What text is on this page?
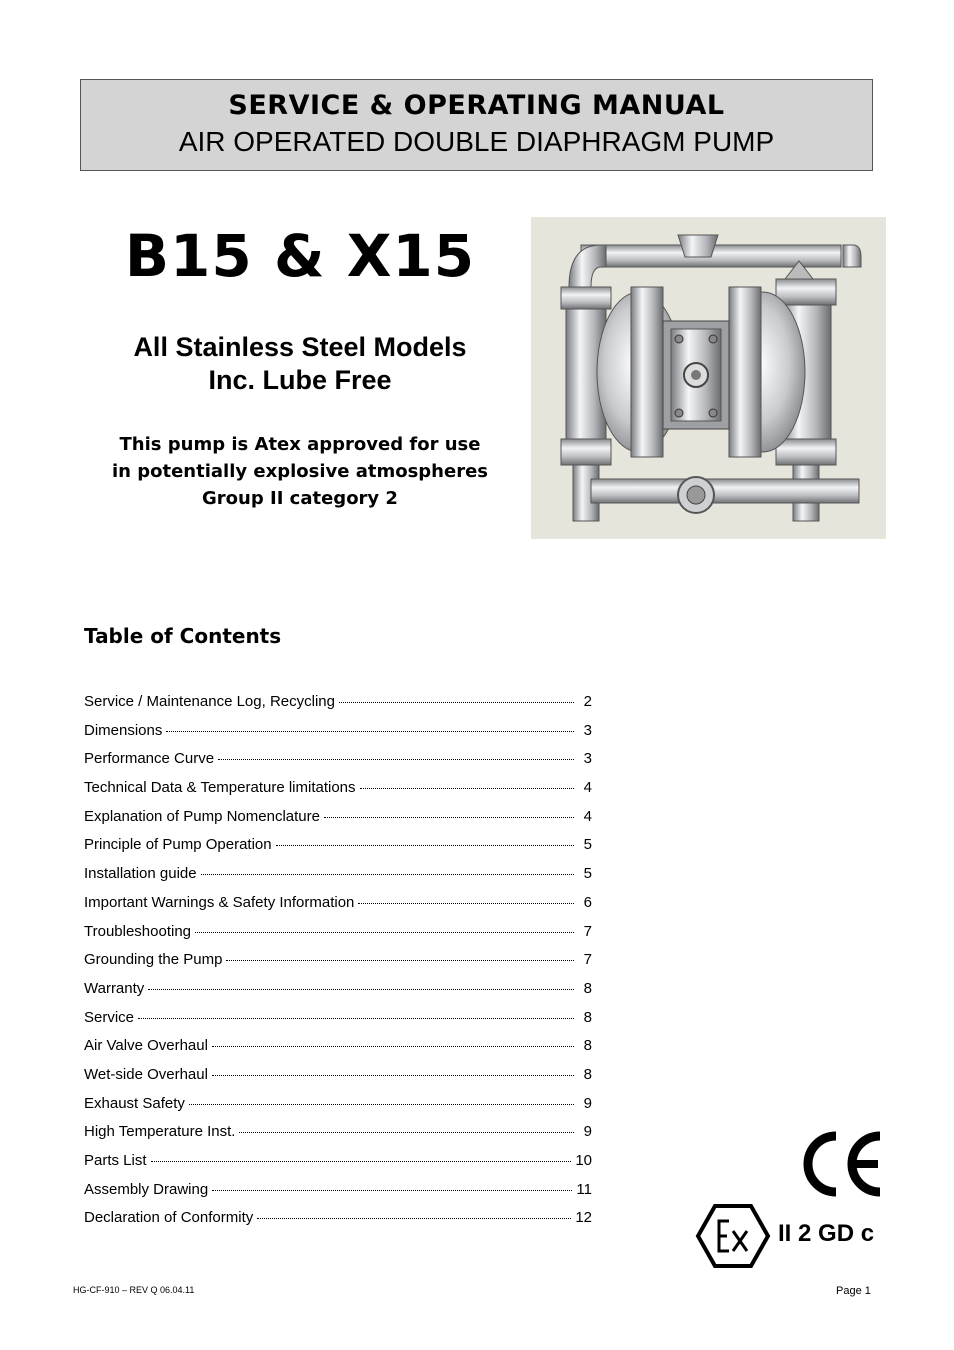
SERVICE & OPERATING MANUAL
AIR OPERATED DOUBLE DIAPHRAGM PUMP
B15 & X15
All Stainless Steel Models
Inc. Lube Free
This pump is Atex approved for use
in potentially explosive atmospheres
Group II category 2
Table of Contents
Service / Maintenance Log, Recycling	2
Dimensions	3
Performance Curve	3
Technical Data & Temperature limitations	4
Explanation of Pump Nomenclature	4
Principle of Pump Operation	5
Installation guide	5
Important Warnings & Safety Information	6
Troubleshooting	7
Grounding the Pump	7
Warranty	8
Service	8
Air Valve Overhaul	8
Wet-side Overhaul	8
Exhaust Safety	9
High Temperature Inst.	9
Parts List	10
Assembly Drawing	11
Declaration of Conformity	12
II 2 GD c
HG-CF-910 – REV Q 06.04.11	Page 1
